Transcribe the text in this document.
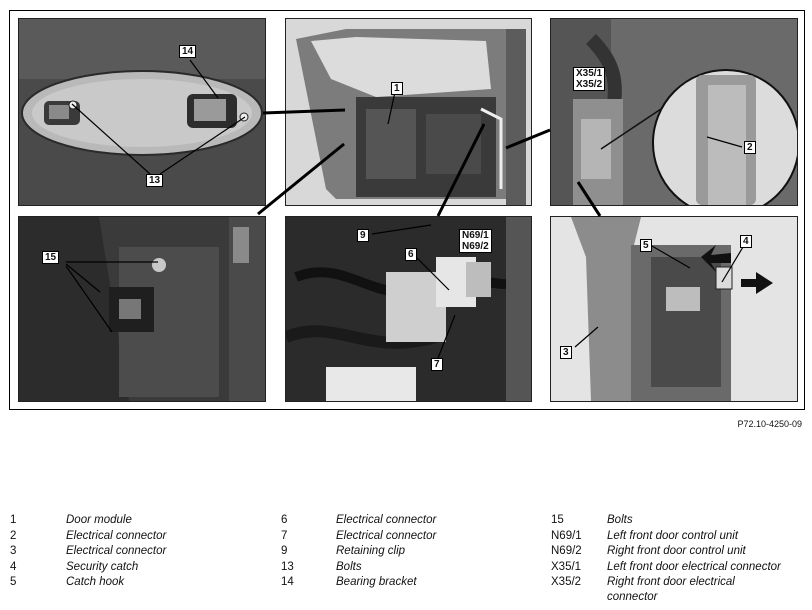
14
13
1
X35/1
X35/2
2
15
9	N69/1
N69/2
6
7
5	4
3
P72.10-4250-09
1	Door module	6	Electrical connector	15	Bolts
2	Electrical connector	7	Electrical connector	N69/1 Left front door control unit
3	Electrical connector	9	Retaining clip	N69/2 Right front door control unit
4	Security catch	13	Bolts	X35/1 Left front door electrical connector
5	Catch hook	14	Bearing bracket	X35/2 Right front door electrical
connector
